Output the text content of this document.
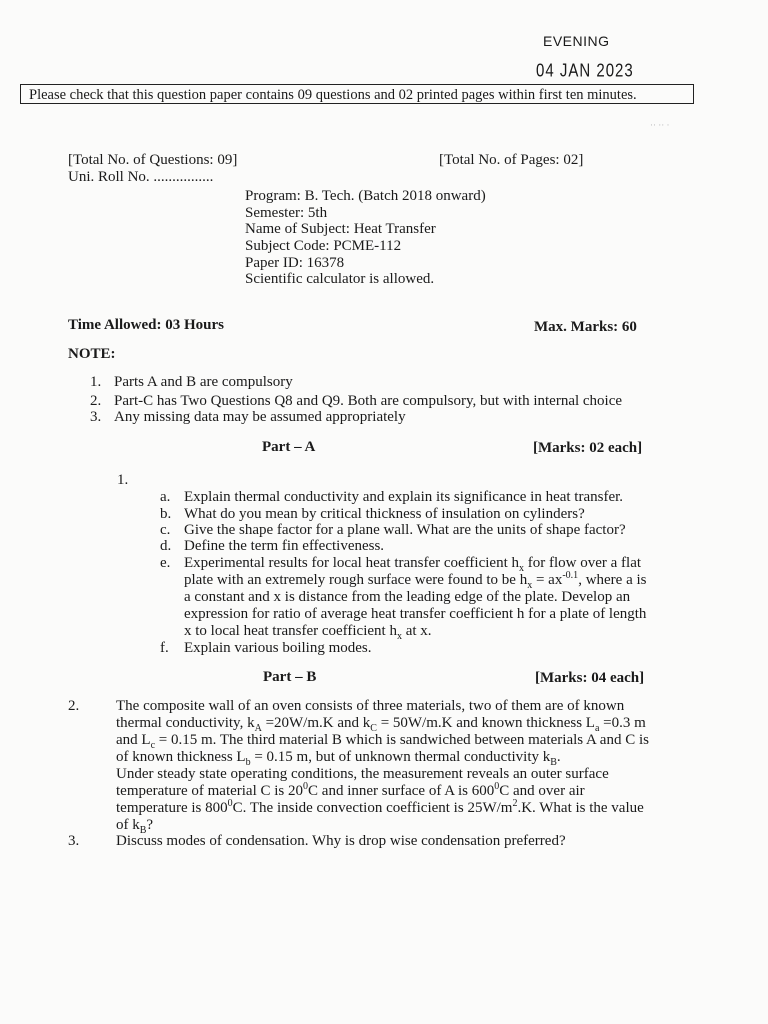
EVENING
04 JAN 2023
Please check that this question paper contains 09 questions and 02 printed pages within first ten minutes.
·· ·· ·
[Total No. of Questions: 09]	[Total No. of Pages: 02]
Uni. Roll No. ................
Program: B. Tech. (Batch 2018 onward)
Semester: 5th
Name of Subject: Heat Transfer
Subject Code: PCME-112
Paper ID: 16378
Scientific calculator is allowed.
Time Allowed: 03 Hours	Max. Marks: 60
NOTE:
1. Parts A and B are compulsory
2. Part-C has Two Questions Q8 and Q9. Both are compulsory, but with internal choice
3. Any missing data may be assumed appropriately
Part – A	[Marks: 02 each]
1.
a. Explain thermal conductivity and explain its significance in heat transfer.
b. What do you mean by critical thickness of insulation on cylinders?
c. Give the shape factor for a plane wall. What are the units of shape factor?
d. Define the term fin effectiveness.
e. Experimental results for local heat transfer coefficient $h_x$ for flow over a flat
plate with an extremely rough surface were found to be $h_x = ax^{-0.1}$, where a is
a constant and x is distance from the leading edge of the plate. Develop an
expression for ratio of average heat transfer coefficient h for a plate of length
x to local heat transfer coefficient $h_x$ at x.
f. Explain various boiling modes.
Part – B	[Marks: 04 each]
2. The composite wall of an oven consists of three materials, two of them are of known
thermal conductivity, $k_A =20W/m.K$ and $k_C = 50W/m.K$ and known thickness $L_a =0.3$ m
and $L_c = 0.15$ m. The third material B which is sandwiched between materials A and C is
of known thickness $L_b = 0.15$ m, but of unknown thermal conductivity $k_B$.
Under steady state operating conditions, the measurement reveals an outer surface
temperature of material C is $20^0C$ and inner surface of A is $600^0C$ and over air
temperature is $800^0C$. The inside convection coefficient is $25W/m^2.K$. What is the value
of $k_B$?
3. Discuss modes of condensation. Why is drop wise condensation preferred?
